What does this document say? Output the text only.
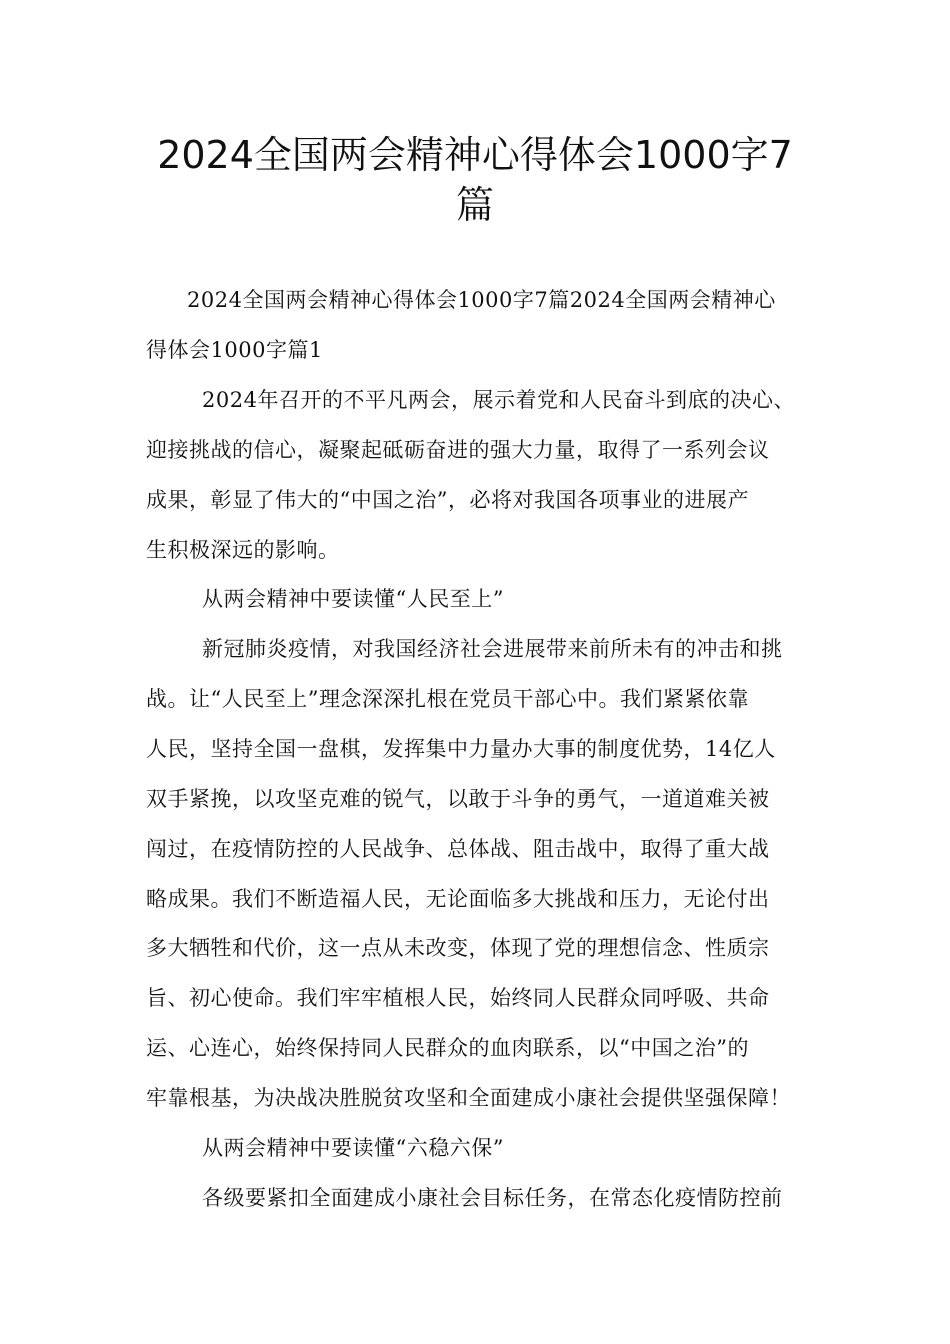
2024全国两会精神心得体会1000字7
篇
2024全国两会精神心得体会1000字7篇2024全国两会精神心
得体会1000字篇1
2024年召开的不平凡两会，展示着党和人民奋斗到底的决心、
迎接挑战的信心，凝聚起砥砺奋进的强大力量，取得了一系列会议
成果，彰显了伟大的“中国之治”，必将对我国各项事业的进展产
生积极深远的影响。
从两会精神中要读懂“人民至上”
新冠肺炎疫情，对我国经济社会进展带来前所未有的冲击和挑
战。让“人民至上”理念深深扎根在党员干部心中。我们紧紧依靠
人民，坚持全国一盘棋，发挥集中力量办大事的制度优势，14亿人
双手紧挽，以攻坚克难的锐气，以敢于斗争的勇气，一道道难关被
闯过，在疫情防控的人民战争、总体战、阻击战中，取得了重大战
略成果。我们不断造福人民，无论面临多大挑战和压力，无论付出
多大牺牲和代价，这一点从未改变，体现了党的理想信念、性质宗
旨、初心使命。我们牢牢植根人民，始终同人民群众同呼吸、共命
运、心连心，始终保持同人民群众的血肉联系，以“中国之治”的
牢靠根基，为决战决胜脱贫攻坚和全面建成小康社会提供坚强保障！
从两会精神中要读懂“六稳六保”
各级要紧扣全面建成小康社会目标任务，在常态化疫情防控前
